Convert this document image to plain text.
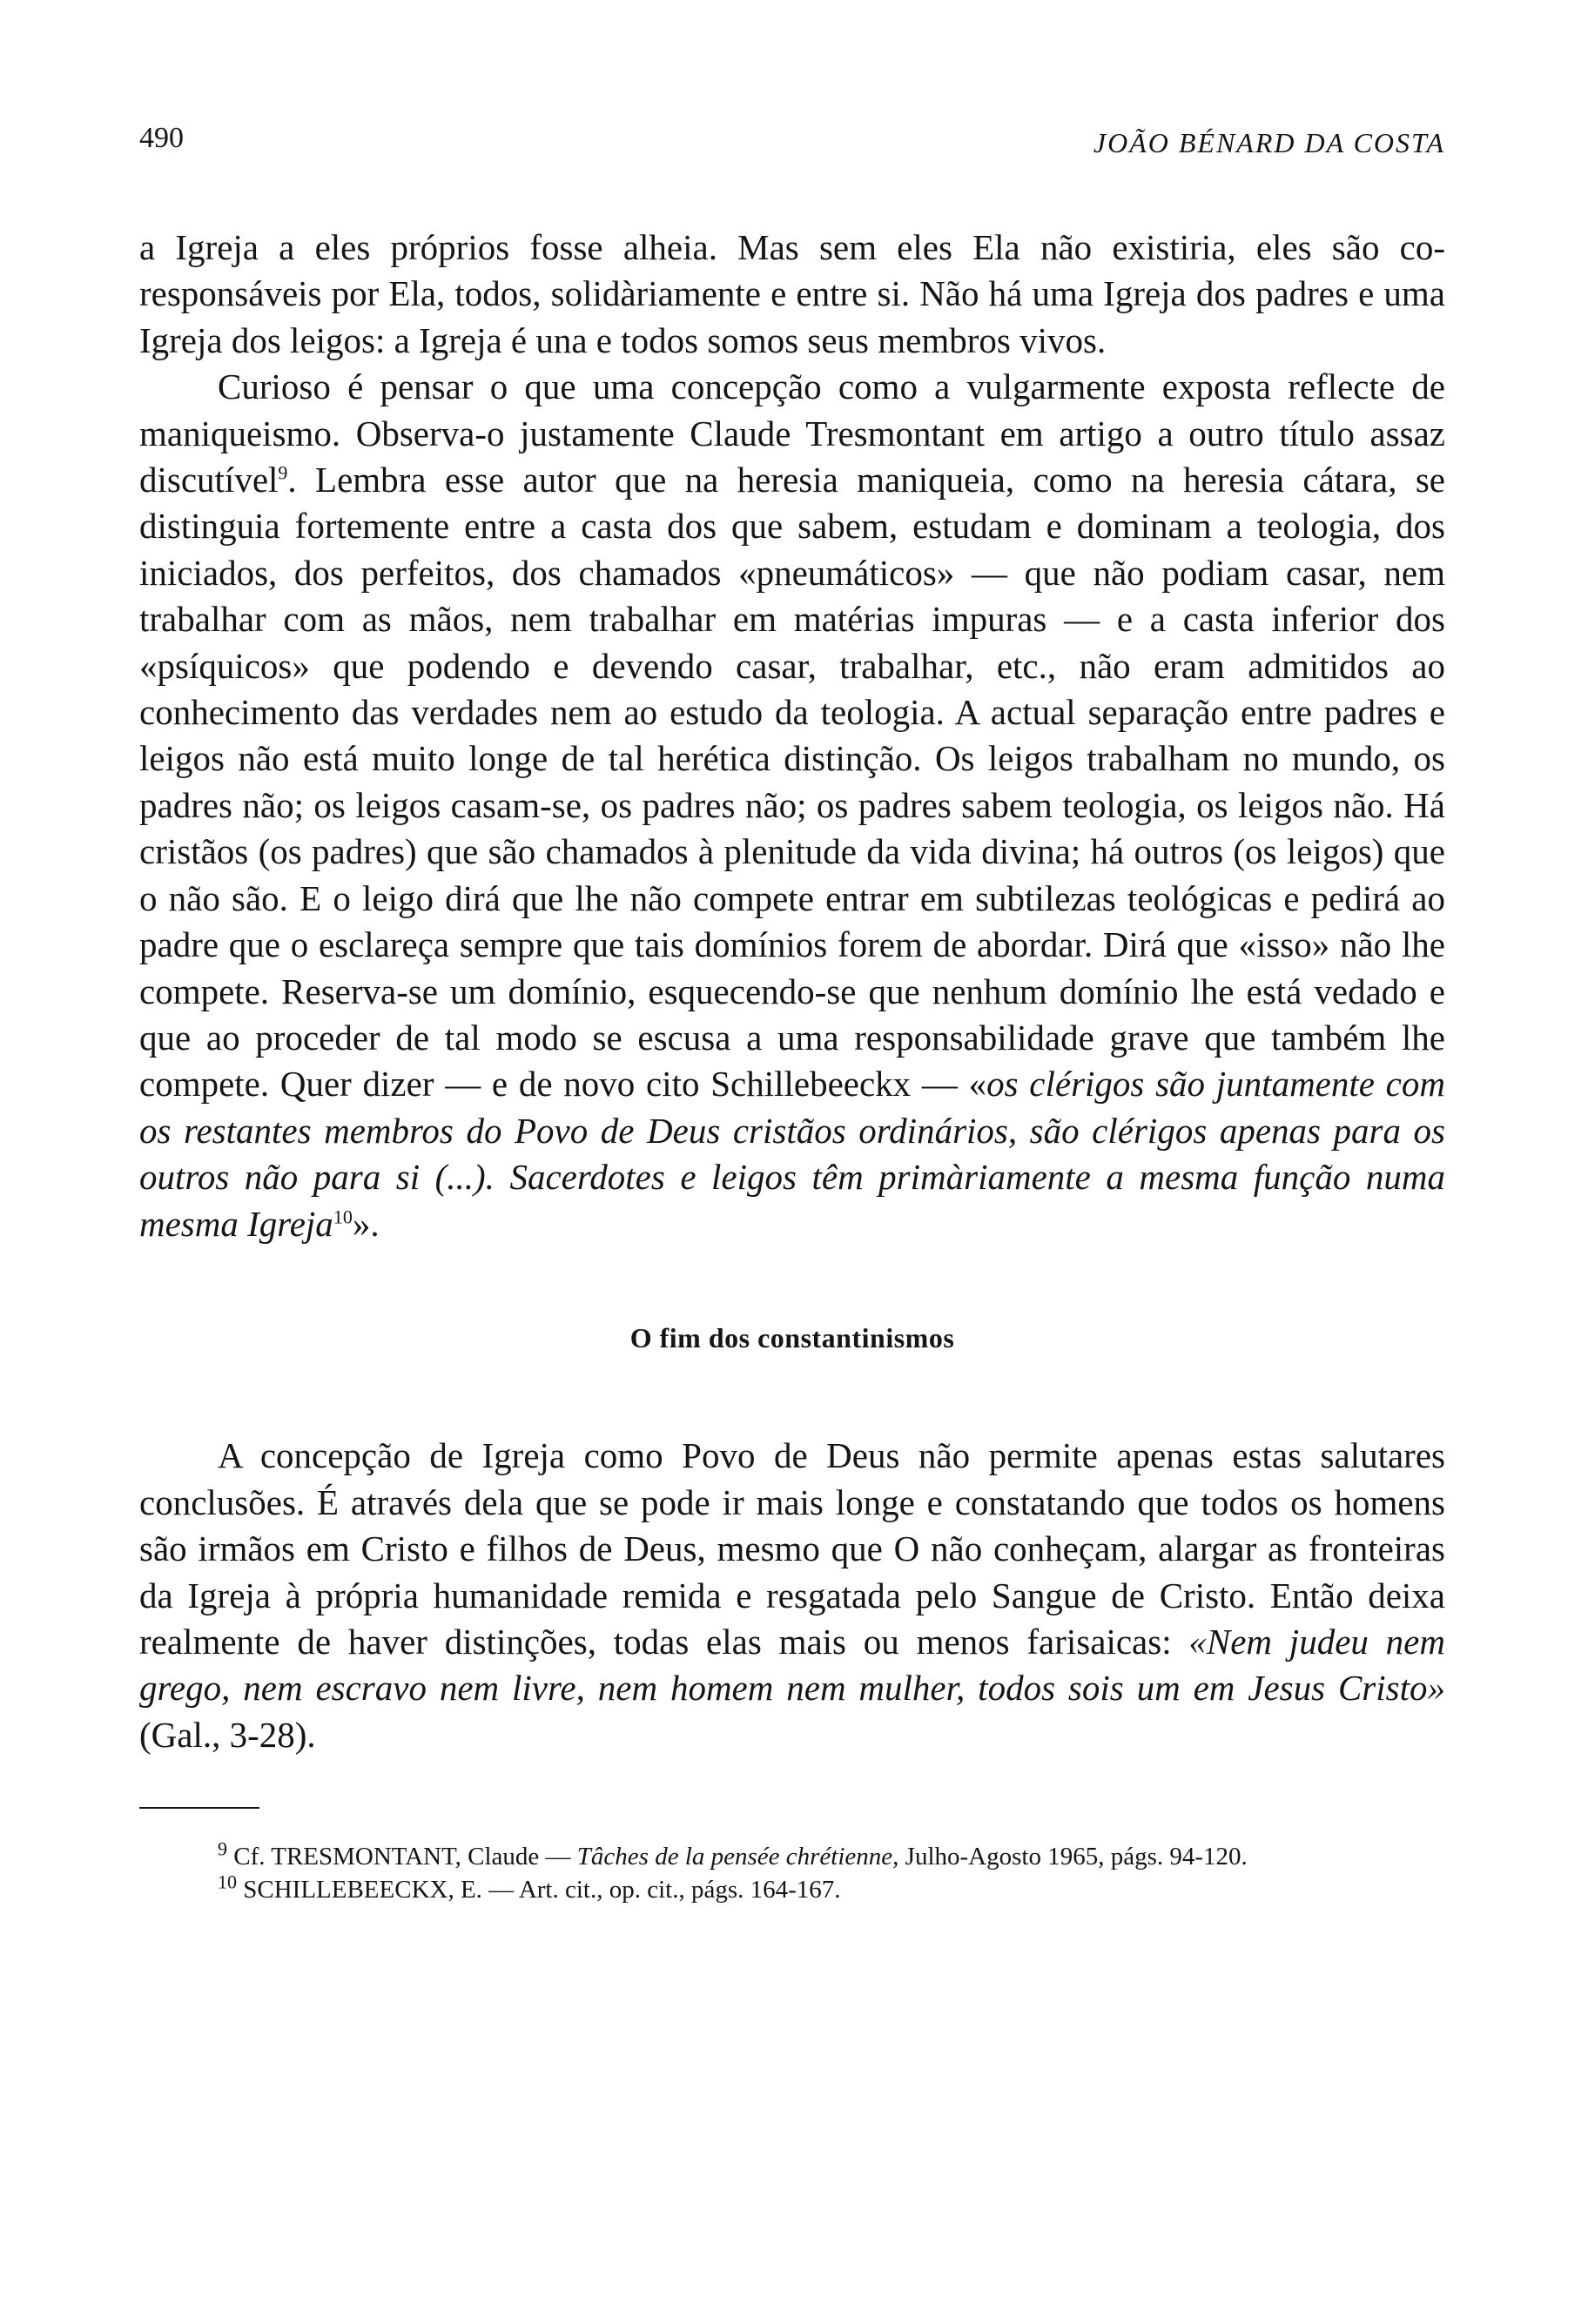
490	JOÃO BÉNARD DA COSTA

a Igreja a eles próprios fosse alheia. Mas sem eles Ela não existiria, eles são co-responsáveis por Ela, todos, solidàriamente e entre si. Não há uma Igreja dos padres e uma Igreja dos leigos: a Igreja é una e todos somos seus membros vivos.

Curioso é pensar o que uma concepção como a vulgarmente exposta reflecte de maniqueismo. Observa-o justamente Claude Tresmontant em artigo a outro título assaz discutível$^9$. Lembra esse autor que na heresia maniqueia, como na heresia cátara, se distinguia fortemente entre a casta dos que sabem, estudam e dominam a teologia, dos iniciados, dos perfeitos, dos chamados «pneumáticos» — que não podiam casar, nem trabalhar com as mãos, nem trabalhar em matérias impuras — e a casta inferior dos «psíquicos» que podendo e devendo casar, trabalhar, etc., não eram admitidos ao conhecimento das verdades nem ao estudo da teologia. A actual separação entre padres e leigos não está muito longe de tal herética distinção. Os leigos trabalham no mundo, os padres não; os leigos casam-se, os padres não; os padres sabem teologia, os leigos não. Há cristãos (os padres) que são chamados à plenitude da vida divina; há outros (os leigos) que o não são. E o leigo dirá que lhe não compete entrar em subtilezas teológicas e pedirá ao padre que o esclareça sempre que tais domínios forem de abordar. Dirá que «isso» não lhe compete. Reserva-se um domínio, esquecendo-se que nenhum domínio lhe está vedado e que ao proceder de tal modo se escusa a uma responsabilidade grave que também lhe compete. Quer dizer — e de novo cito Schillebeeckx — «os clérigos são juntamente com os restantes membros do Povo de Deus cristãos ordinários, são clérigos apenas para os outros não para si (...). Sacerdotes e leigos têm primàriamente a mesma função numa mesma Igreja$^{10}$».

O fim dos constantinismos

A concepção de Igreja como Povo de Deus não permite apenas estas salutares conclusões. É através dela que se pode ir mais longe e constatando que todos os homens são irmãos em Cristo e filhos de Deus, mesmo que O não conheçam, alargar as fronteiras da Igreja à própria humanidade remida e resgatada pelo Sangue de Cristo. Então deixa realmente de haver distinções, todas elas mais ou menos farisaicas: «Nem judeu nem grego, nem escravo nem livre, nem homem nem mulher, todos sois um em Jesus Cristo» (Gal., 3-28).

$^9$ Cf. TRESMONTANT, Claude — Tâches de la pensée chrétienne, Julho-Agosto 1965, págs. 94-120.

$^{10}$ SCHILLEBEECKX, E. — Art. cit., op. cit., págs. 164-167.
